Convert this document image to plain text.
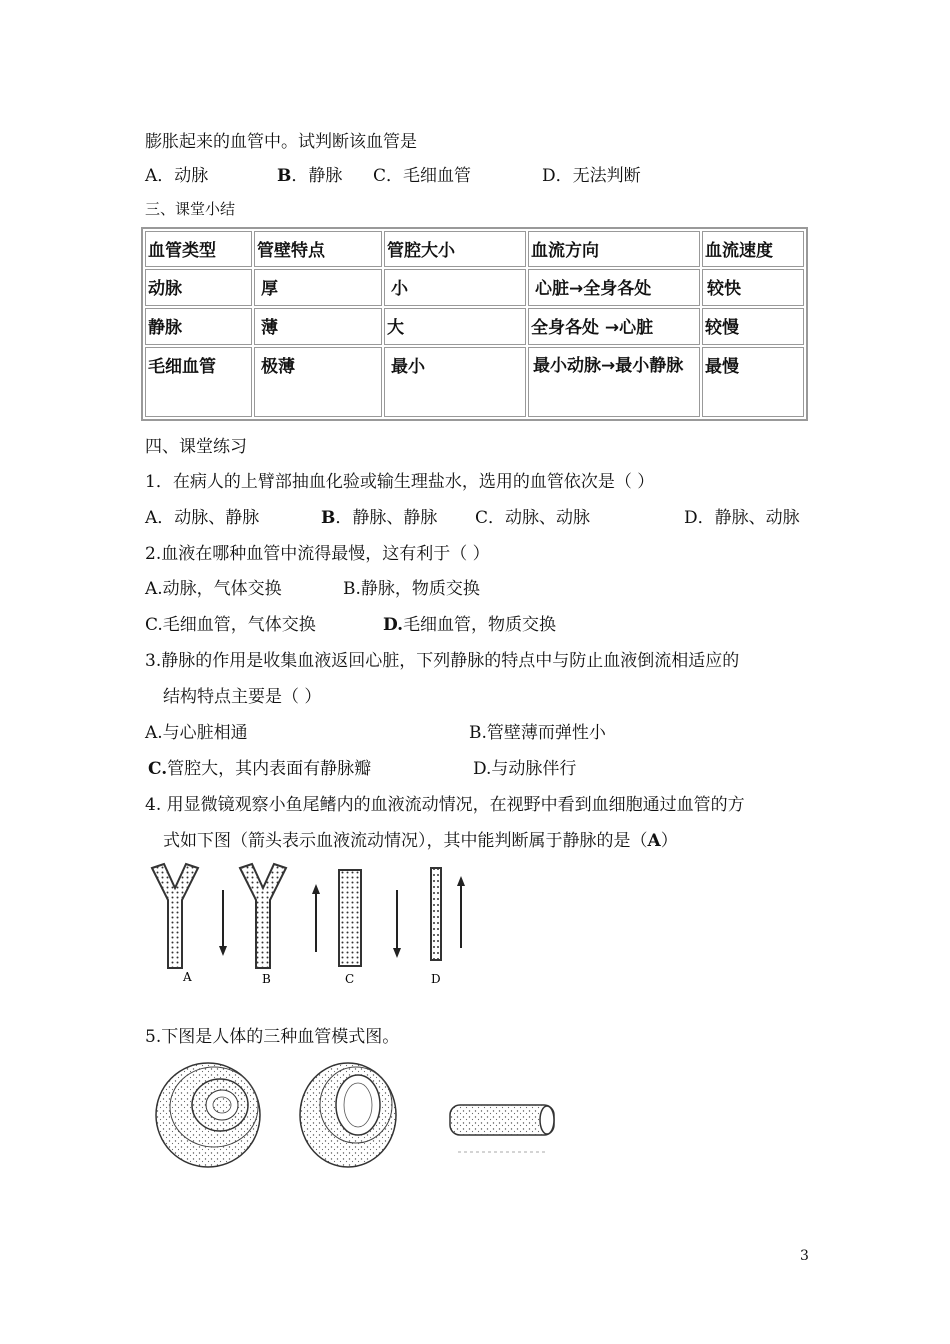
膨胀起来的血管中。试判断该血管是
A．动脉	B．静脉 C．毛细血管	D．无法判断
三、课堂小结
血管类型	管壁特点	管腔大小	血流方向	血流速度
动脉	厚	小	心脏→全身各处	较快
静脉	薄	大	全身各处 →心脏	较慢
毛细血管	极薄	最小	最小动脉→最小静脉	最慢
四、课堂练习
1．在病人的上臂部抽血化验或输生理盐水，选用的血管依次是（ ）
A．动脉、静脉	B．静脉、静脉 C．动脉、动脉	D．静脉、动脉
2.血液在哪种血管中流得最慢，这有利于（ ）
A.动脉，气体交换	B.静脉，物质交换
C.毛细血管，气体交换	D.毛细血管，物质交换
3.静脉的作用是收集血液返回心脏，下列静脉的特点中与防止血液倒流相适应的
结构特点主要是（ ）
A.与心脏相通	B.管壁薄而弹性小
C.管腔大，其内表面有静脉瓣	D.与动脉伴行
4. 用显微镜观察小鱼尾鳍内的血液流动情况，在视野中看到血细胞通过血管的方
式如下图（箭头表示血液流动情况），其中能判断属于静脉的是（A）
A	B	C	D
5.下图是人体的三种血管模式图。
3
